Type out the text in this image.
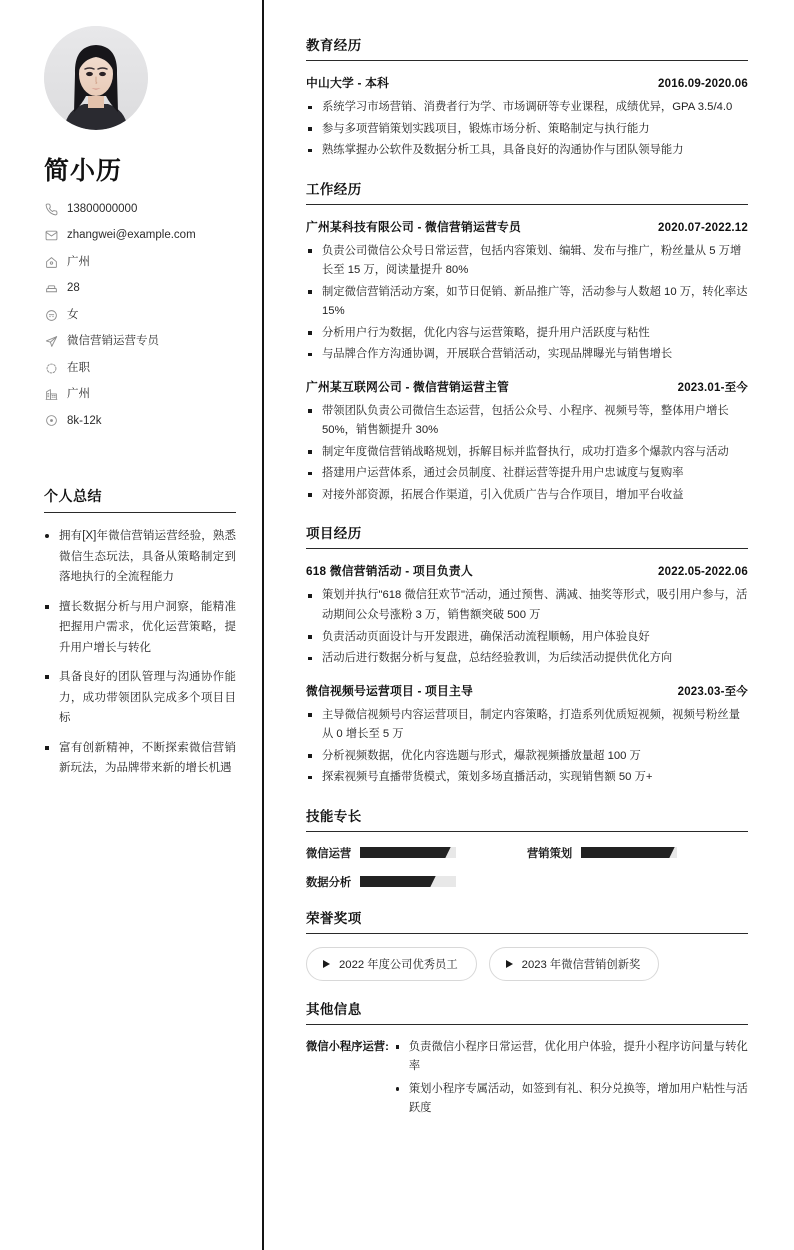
简小历
13800000000
zhangwei@example.com
广州
28
女
微信营销运营专员
在职
广州
8k-12k
个人总结
拥有[X]年微信营销运营经验，熟悉微信生态玩法，具备从策略制定到落地执行的全流程能力
擅长数据分析与用户洞察，能精准把握用户需求，优化运营策略，提升用户增长与转化
具备良好的团队管理与沟通协作能力，成功带领团队完成多个项目目标
富有创新精神，不断探索微信营销新玩法，为品牌带来新的增长机遇
教育经历
中山大学 - 本科	2016.09-2020.06
系统学习市场营销、消费者行为学、市场调研等专业课程，成绩优异，GPA 3.5/4.0
参与多项营销策划实践项目，锻炼市场分析、策略制定与执行能力
熟练掌握办公软件及数据分析工具，具备良好的沟通协作与团队领导能力
工作经历
广州某科技有限公司 - 微信营销运营专员	2020.07-2022.12
负责公司微信公众号日常运营，包括内容策划、编辑、发布与推广，粉丝量从 5 万增长至 15 万，阅读量提升 80%
制定微信营销活动方案，如节日促销、新品推广等，活动参与人数超 10 万，转化率达 15%
分析用户行为数据，优化内容与运营策略，提升用户活跃度与粘性
与品牌合作方沟通协调，开展联合营销活动，实现品牌曝光与销售增长
广州某互联网公司 - 微信营销运营主管	2023.01-至今
带领团队负责公司微信生态运营，包括公众号、小程序、视频号等，整体用户增长 50%，销售额提升 30%
制定年度微信营销战略规划，拆解目标并监督执行，成功打造多个爆款内容与活动
搭建用户运营体系，通过会员制度、社群运营等提升用户忠诚度与复购率
对接外部资源，拓展合作渠道，引入优质广告与合作项目，增加平台收益
项目经历
618 微信营销活动 - 项目负责人	2022.05-2022.06
策划并执行"618 微信狂欢节"活动，通过预售、满减、抽奖等形式，吸引用户参与，活动期间公众号涨粉 3 万，销售额突破 500 万
负责活动页面设计与开发跟进，确保活动流程顺畅，用户体验良好
活动后进行数据分析与复盘，总结经验教训，为后续活动提供优化方向
微信视频号运营项目 - 项目主导	2023.03-至今
主导微信视频号内容运营项目，制定内容策略，打造系列优质短视频，视频号粉丝量从 0 增长至 5 万
分析视频数据，优化内容选题与形式，爆款视频播放量超 100 万
探索视频号直播带货模式，策划多场直播活动，实现销售额 50 万+
技能专长
微信运营	营销策划
数据分析
荣誉奖项
2022 年度公司优秀员工	2023 年微信营销创新奖
其他信息
微信小程序运营:	负责微信小程序日常运营，优化用户体验，提升小程序访问量与转化率
策划小程序专属活动，如签到有礼、积分兑换等，增加用户粘性与活跃度
